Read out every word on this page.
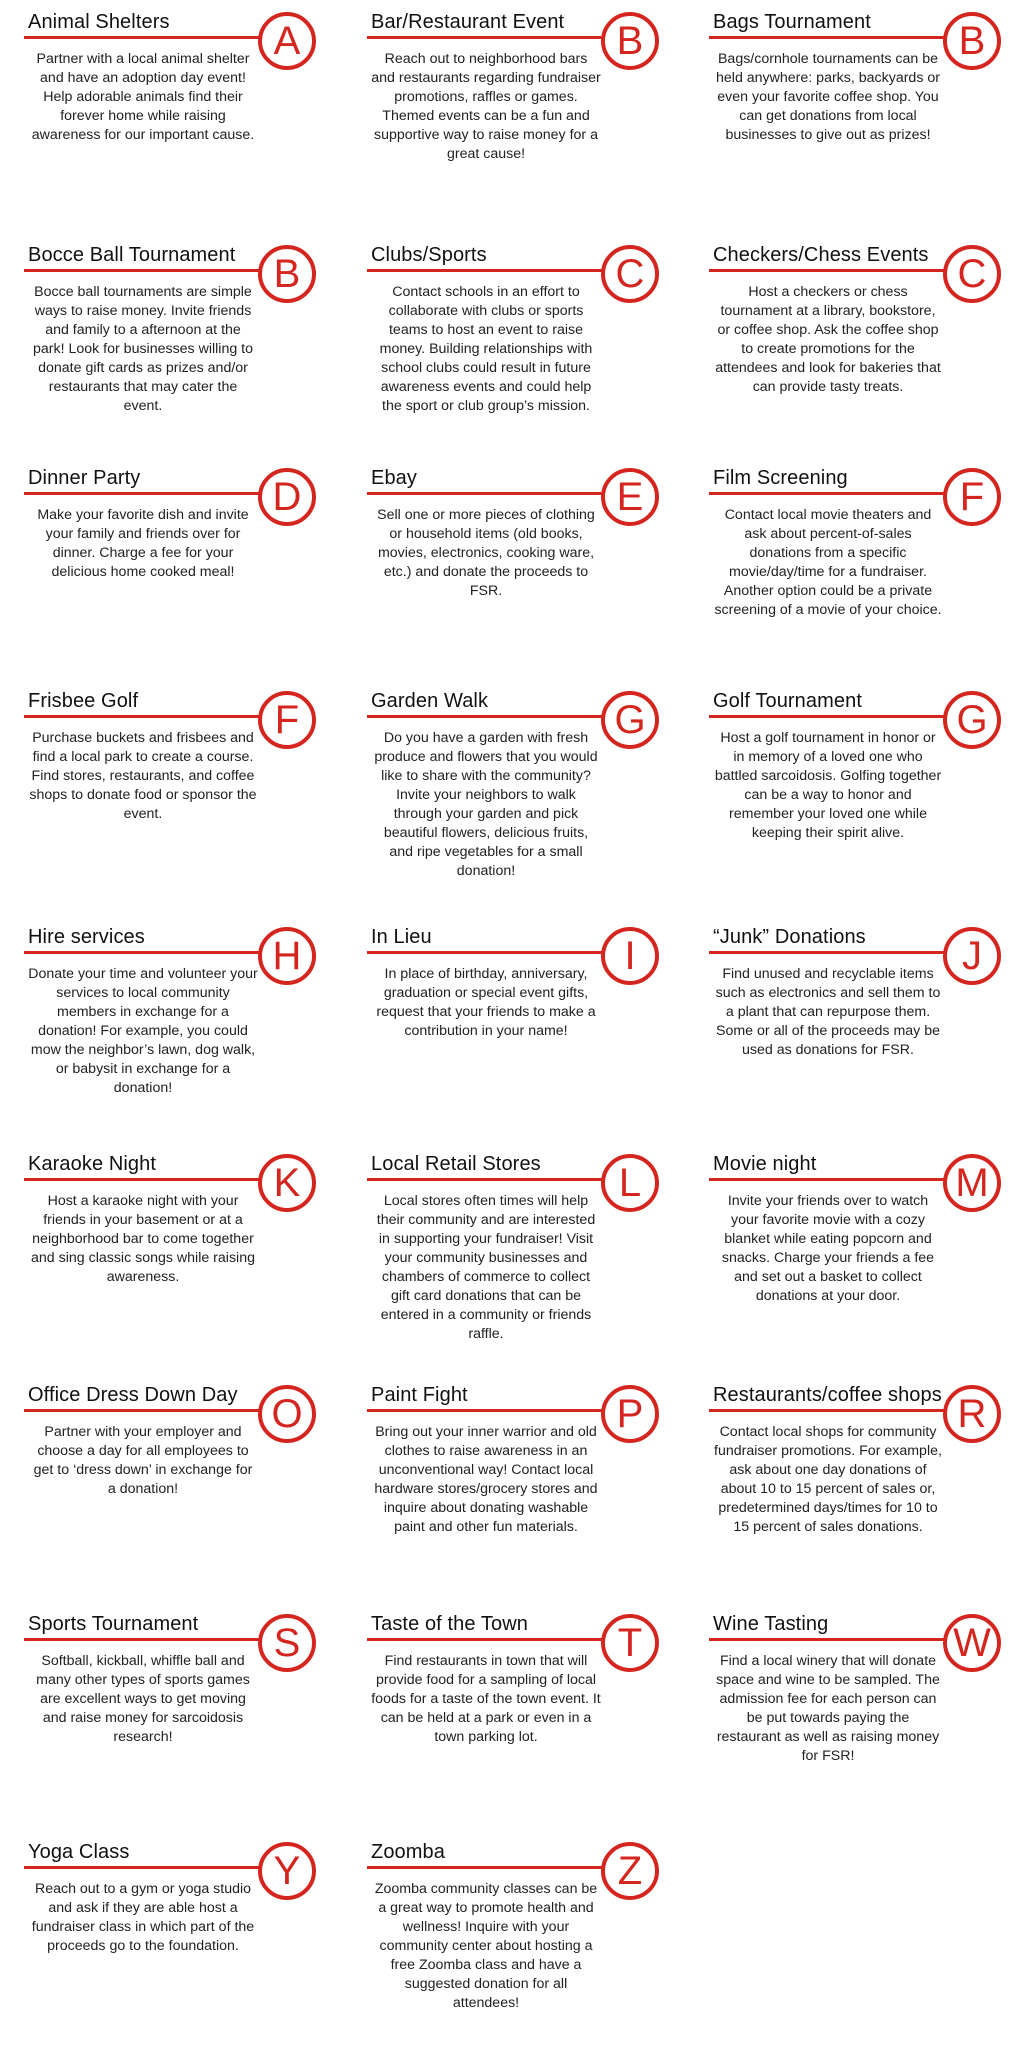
Animal Shelters	A
Partner with a local animal shelter and have an adoption day event! Help adorable animals find their forever home while raising awareness for our important cause.
Bar/Restaurant Event	B
Reach out to neighborhood bars and restaurants regarding fundraiser promotions, raffles or games. Themed events can be a fun and supportive way to raise money for a great cause!
Bags Tournament	B
Bags/cornhole tournaments can be held anywhere: parks, backyards or even your favorite coffee shop. You can get donations from local businesses to give out as prizes!
Bocce Ball Tournament B
Bocce ball tournaments are simple ways to raise money. Invite friends and family to a afternoon at the park! Look for businesses willing to donate gift cards as prizes and/or restaurants that may cater the event.
Clubs/Sports	C
Contact schools in an effort to collaborate with clubs or sports teams to host an event to raise money. Building relationships with school clubs could result in future awareness events and could help the sport or club group’s mission.
Checkers/Chess Events C
Host a checkers or chess tournament at a library, bookstore, or coffee shop. Ask the coffee shop to create promotions for the attendees and look for bakeries that can provide tasty treats.
Dinner Party	D
Make your favorite dish and invite your family and friends over for dinner. Charge a fee for your delicious home cooked meal!
Ebay	E
Sell one or more pieces of clothing or household items (old books, movies, electronics, cooking ware, etc.) and donate the proceeds to FSR.
Film Screening	F
Contact local movie theaters and ask about percent-of-sales donations from a specific movie/day/time for a fundraiser. Another option could be a private screening of a movie of your choice.
Frisbee Golf	F
Purchase buckets and frisbees and find a local park to create a course. Find stores, restaurants, and coffee shops to donate food or sponsor the event.
Garden Walk	G
Do you have a garden with fresh produce and flowers that you would like to share with the community? Invite your neighbors to walk through your garden and pick beautiful flowers, delicious fruits, and ripe vegetables for a small donation!
Golf Tournament	G
Host a golf tournament in honor or in memory of a loved one who battled sarcoidosis. Golfing together can be a way to honor and remember your loved one while keeping their spirit alive.
Hire services	H
Donate your time and volunteer your services to local community members in exchange for a donation! For example, you could mow the neighbor’s lawn, dog walk, or babysit in exchange for a donation!
In Lieu	I
In place of birthday, anniversary, graduation or special event gifts, request that your friends to make a contribution in your name!
“Junk” Donations	J
Find unused and recyclable items such as electronics and sell them to a plant that can repurpose them. Some or all of the proceeds may be used as donations for FSR.
Karaoke Night	K
Host a karaoke night with your friends in your basement or at a neighborhood bar to come together and sing classic songs while raising awareness.
Local Retail Stores	L
Local stores often times will help their community and are interested in supporting your fundraiser! Visit your community businesses and chambers of commerce to collect gift card donations that can be entered in a community or friends raffle.
Movie night	M
Invite your friends over to watch your favorite movie with a cozy blanket while eating popcorn and snacks. Charge your friends a fee and set out a basket to collect donations at your door.
Office Dress Down Day O
Partner with your employer and choose a day for all employees to get to ‘dress down’ in exchange for a donation!
Paint Fight	P
Bring out your inner warrior and old clothes to raise awareness in an unconventional way! Contact local hardware stores/grocery stores and inquire about donating washable paint and other fun materials.
Restaurants/coffee shops R
Contact local shops for community fundraiser promotions. For example, ask about one day donations of about 10 to 15 percent of sales or, predetermined days/times for 10 to 15 percent of sales donations.
Sports Tournament	S
Softball, kickball, whiffle ball and many other types of sports games are excellent ways to get moving and raise money for sarcoidosis research!
Taste of the Town	T
Find restaurants in town that will provide food for a sampling of local foods for a taste of the town event. It can be held at a park or even in a town parking lot.
Wine Tasting	W
Find a local winery that will donate space and wine to be sampled. The admission fee for each person can be put towards paying the restaurant as well as raising money for FSR!
Yoga Class	Y
Reach out to a gym or yoga studio and ask if they are able host a fundraiser class in which part of the proceeds go to the foundation.
Zoomba	Z
Zoomba community classes can be a great way to promote health and wellness! Inquire with your community center about hosting a free Zoomba class and have a suggested donation for all attendees!
